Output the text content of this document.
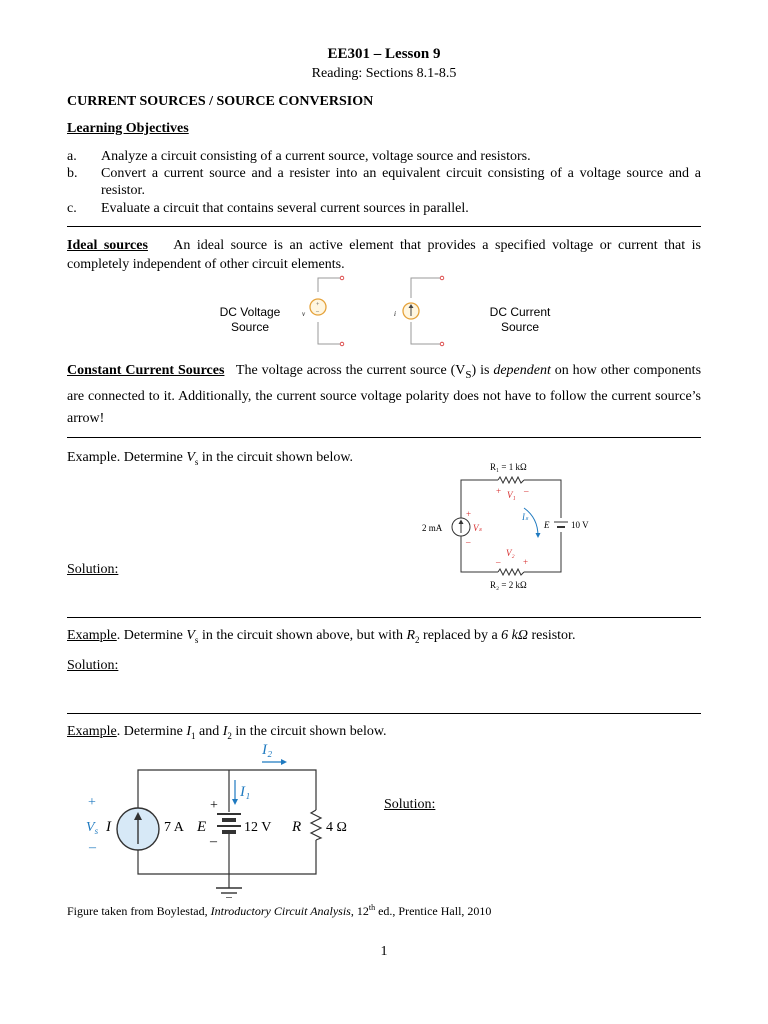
EE301 – Lesson 9
Reading: Sections 8.1-8.5
CURRENT SOURCES / SOURCE CONVERSION
Learning Objectives
a. Analyze a circuit consisting of a current source, voltage source and resistors.
b. Convert a current source and a resister into an equivalent circuit consisting of a voltage source and a resistor.
c. Evaluate a circuit that contains several current sources in parallel.
Ideal sources An ideal source is an active element that provides a specified voltage or current that is completely independent of other circuit elements.
DC Voltage
Source
DC Current
Source
v
+
–	i
Constant Current Sources The voltage across the current source $(V_S)$ is dependent on how other components are connected to it. Additionally, the current source voltage polarity does not have to follow the current source’s arrow!
Example. Determine $V_s$ in the circuit shown below.
Solution:
R₁ = 1 kΩ
+	–
V₁
Iₛ
2 mA
+
Vₛ
–
E 10 V
V₂
–	+
R₂ = 2 kΩ
Example. Determine $V_s$ in the circuit shown above, but with $R_2$ replaced by a 6 kΩ resistor.
Solution:
Example. Determine $I_1$ and $I_2$ in the circuit shown below.
Solution:
I₂
I₁
+
$V_s$
–
I	7 A E
+
–
12 V R 4 Ω
Figure taken from Boylestad, Introductory Circuit Analysis, 12th ed., Prentice Hall, 2010
1
